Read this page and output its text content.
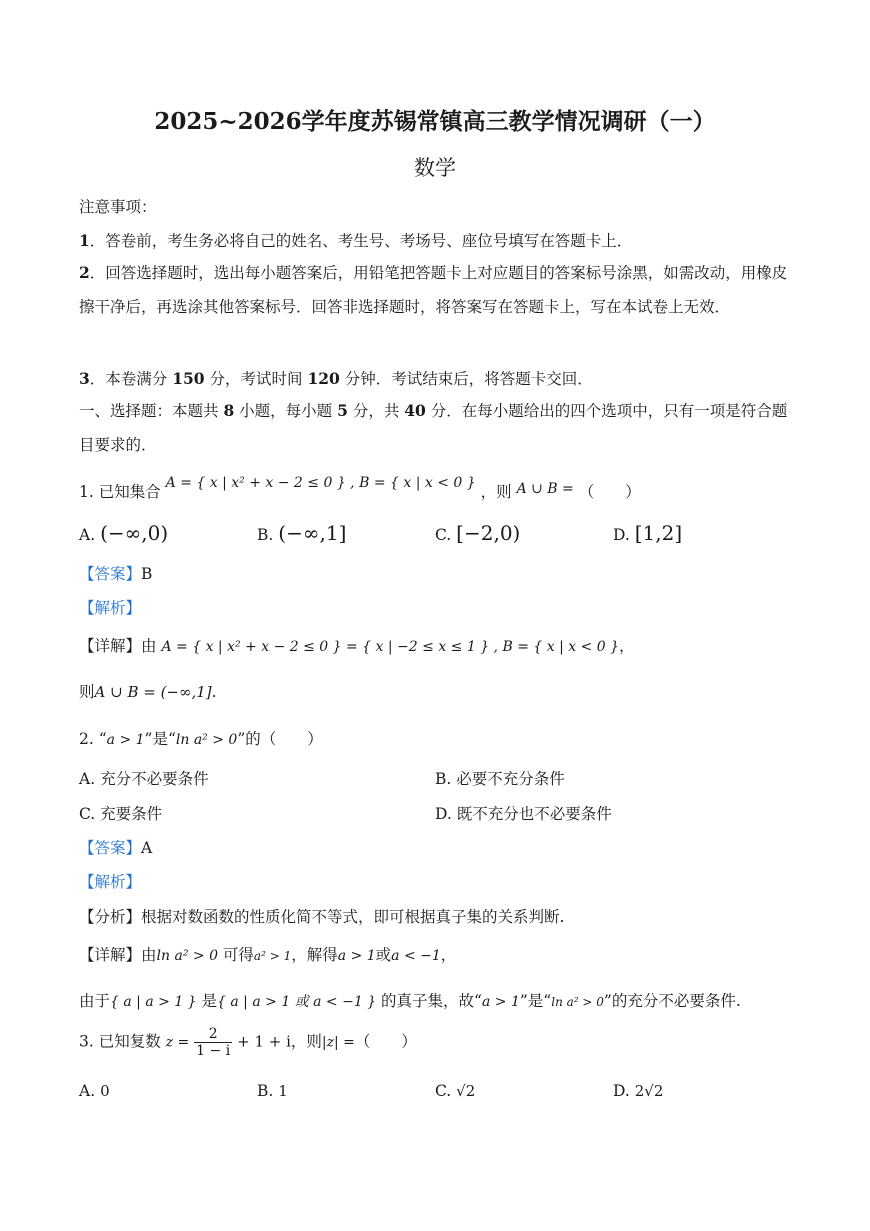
2025~2026学年度苏锡常镇高三教学情况调研（一）
数学
注意事项：
1．答卷前，考生务必将自己的姓名、考生号、考场号、座位号填写在答题卡上．
2．回答选择题时，选出每小题答案后，用铅笔把答题卡上对应题目的答案标号涂黑，如需改动，用橡皮擦干净后，再选涂其他答案标号．回答非选择题时，将答案写在答题卡上，写在本试卷上无效．
3．本卷满分 150 分，考试时间 120 分钟．考试结束后，将答题卡交回．
一、选择题：本题共 8 小题，每小题 5 分，共 40 分．在每小题给出的四个选项中，只有一项是符合题目要求的．
1. 已知集合 A = { x | x² + x − 2 ≤ 0 } , B = { x | x < 0 } ，则 A ∪ B = （　　）
A. (−∞,0)	B. (−∞,1]	C. [−2,0)	D. [1,2]
【答案】B
【解析】
【详解】由 A = { x | x² + x − 2 ≤ 0 } = { x | −2 ≤ x ≤ 1 } , B = { x | x < 0 }，
则A ∪ B = (−∞,1].
2. “a > 1”是“ln a² > 0”的（　　）
A. 充分不必要条件	B. 必要不充分条件
C. 充要条件	D. 既不充分也不必要条件
【答案】A
【解析】
【分析】根据对数函数的性质化简不等式，即可根据真子集的关系判断.
【详解】由ln a² > 0 可得a² > 1，解得a > 1或a < −1，
由于{ a | a > 1 } 是{ a | a > 1 或 a < −1 } 的真子集，故“a > 1”是“ln a² > 0”的充分不必要条件.
3. 已知复数 $z = \frac{2}{1 - i} + 1 + i$，则|z| =（　　）
A. 0	B. 1	C. √2	D. 2√2
